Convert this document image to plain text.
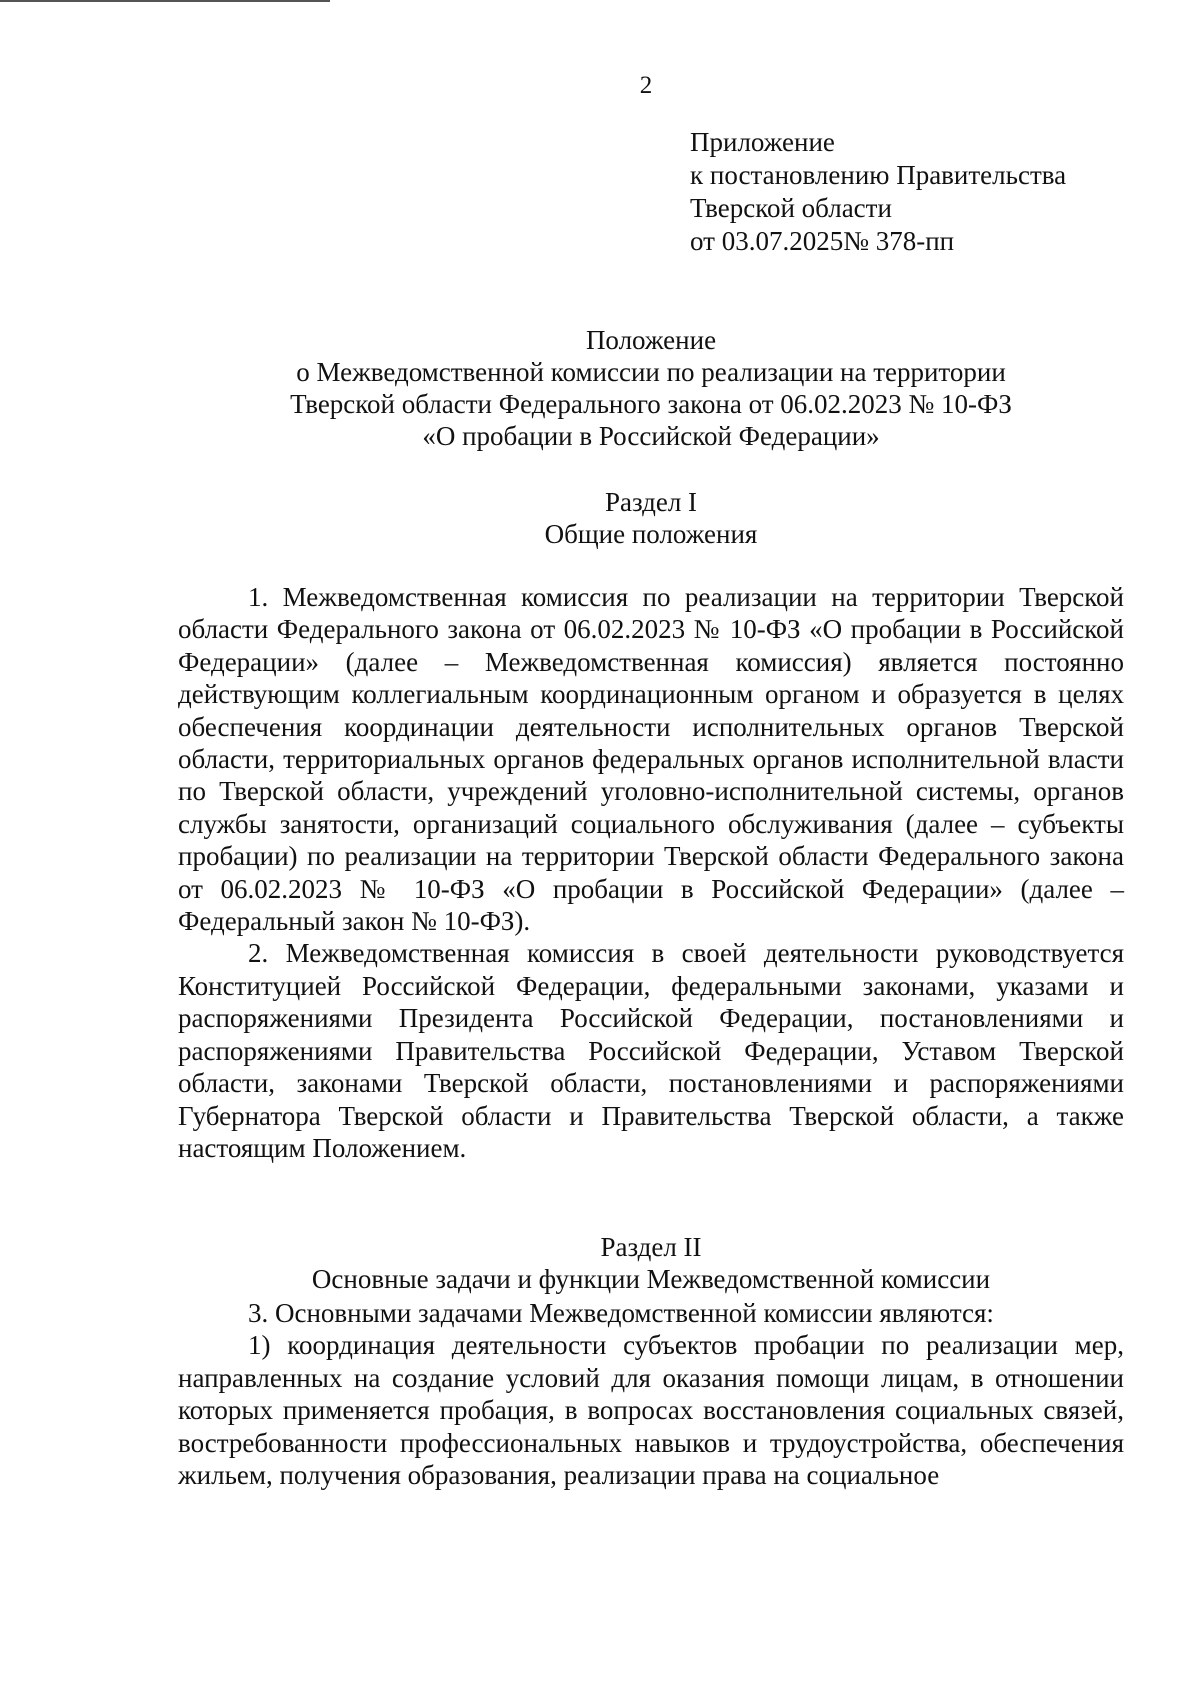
2
Приложение
к постановлению Правительства
Тверской области
от 03.07.2025№ 378-пп
Положение
о Межведомственной комиссии по реализации на территории
Тверской области Федерального закона от 06.02.2023 № 10-ФЗ
«О пробации в Российской Федерации»
Раздел I
Общие положения

1. Межведомственная комиссия по реализации на территории Тверской области Федерального закона от 06.02.2023 № 10-ФЗ «О пробации в Российской Федерации» (далее – Межведомственная комиссия) является постоянно действующим коллегиальным координационным органом и образуется в целях обеспечения координации деятельности исполнительных органов Тверской области, территориальных органов федеральных органов исполнительной власти по Тверской области, учреждений уголовно-исполнительной системы, органов службы занятости, организаций социального обслуживания (далее – субъекты пробации) по реализации на территории Тверской области Федерального закона от 06.02.2023 № 10-ФЗ «О пробации в Российской Федерации» (далее – Федеральный закон № 10-ФЗ).

2. Межведомственная комиссия в своей деятельности руководствуется Конституцией Российской Федерации, федеральными законами, указами и распоряжениями Президента Российской Федерации, постановлениями и распоряжениями Правительства Российской Федерации, Уставом Тверской области, законами Тверской области, постановлениями и распоряжениями Губернатора Тверской области и Правительства Тверской области, а также настоящим Положением.

Раздел II
Основные задачи и функции Межведомственной комиссии

3. Основными задачами Межведомственной комиссии являются:

1) координация деятельности субъектов пробации по реализации мер, направленных на создание условий для оказания помощи лицам, в отношении которых применяется пробация, в вопросах восстановления социальных связей, востребованности профессиональных навыков и трудоустройства, обеспечения жильем, получения образования, реализации права на социальное
